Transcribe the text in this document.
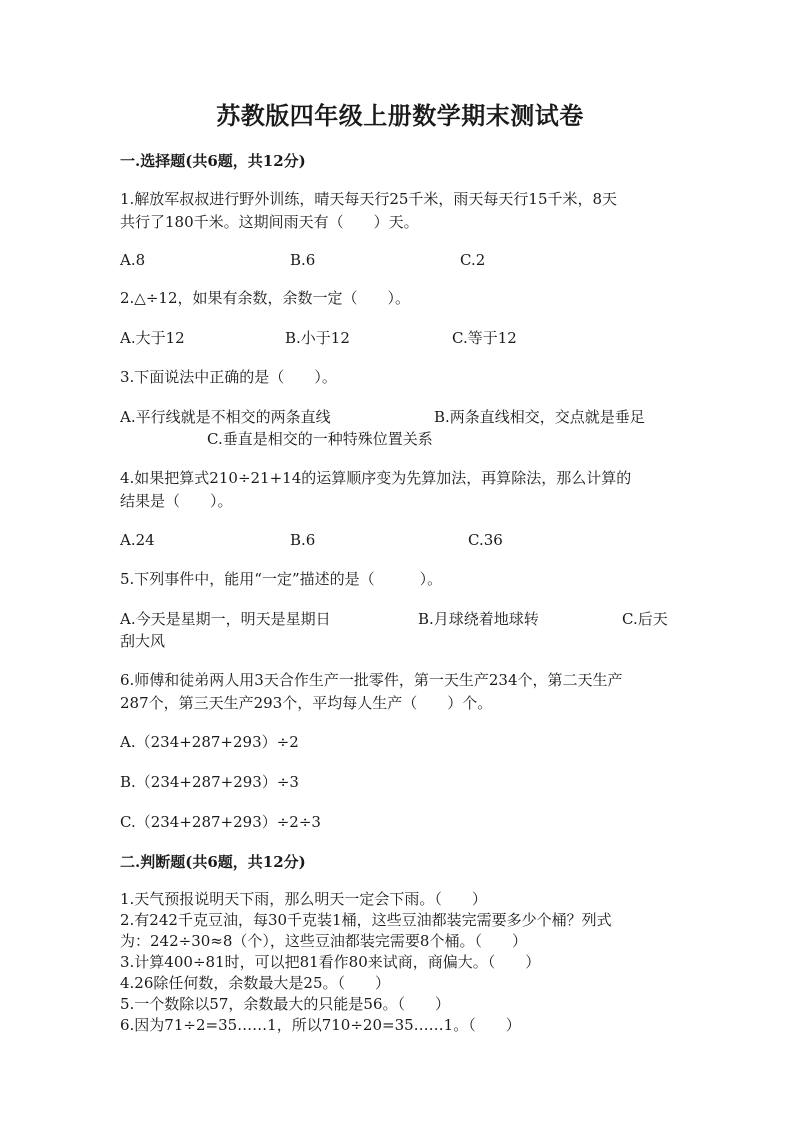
苏教版四年级上册数学期末测试卷
一.选择题(共6题，共12分)
1.解放军叔叔进行野外训练，晴天每天行25千米，雨天每天行15千米，8天
共行了180千米。这期间雨天有（　　）天。
A.8	B.6	C.2
2.△÷12，如果有余数，余数一定（　　）。
A.大于12	B.小于12	C.等于12
3.下面说法中正确的是（　　）。
A.平行线就是不相交的两条直线	B.两条直线相交，交点就是垂足
C.垂直是相交的一种特殊位置关系
4.如果把算式210÷21+14的运算顺序变为先算加法，再算除法，那么计算的
结果是（　　）。
A.24	B.6	C.36
5.下列事件中，能用“一定”描述的是（　　　）。
A.今天是星期一，明天是星期日	B.月球绕着地球转	C.后天
刮大风
6.师傅和徒弟两人用3天合作生产一批零件，第一天生产234个，第二天生产
287个，第三天生产293个，平均每人生产（　　）个。
A.（234+287+293）÷2
B.（234+287+293）÷3
C.（234+287+293）÷2÷3
二.判断题(共6题，共12分)
1.天气预报说明天下雨，那么明天一定会下雨。（　　）
2.有242千克豆油，每30千克装1桶，这些豆油都装完需要多少个桶？列式
为：242÷30≈8（个），这些豆油都装完需要8个桶。（　　）
3.计算400÷81时，可以把81看作80来试商，商偏大。（　　）
4.26除任何数，余数最大是25。（　　）
5.一个数除以57，余数最大的只能是56。（　　）
6.因为71÷2=35……1，所以710÷20=35……1。（　　）
